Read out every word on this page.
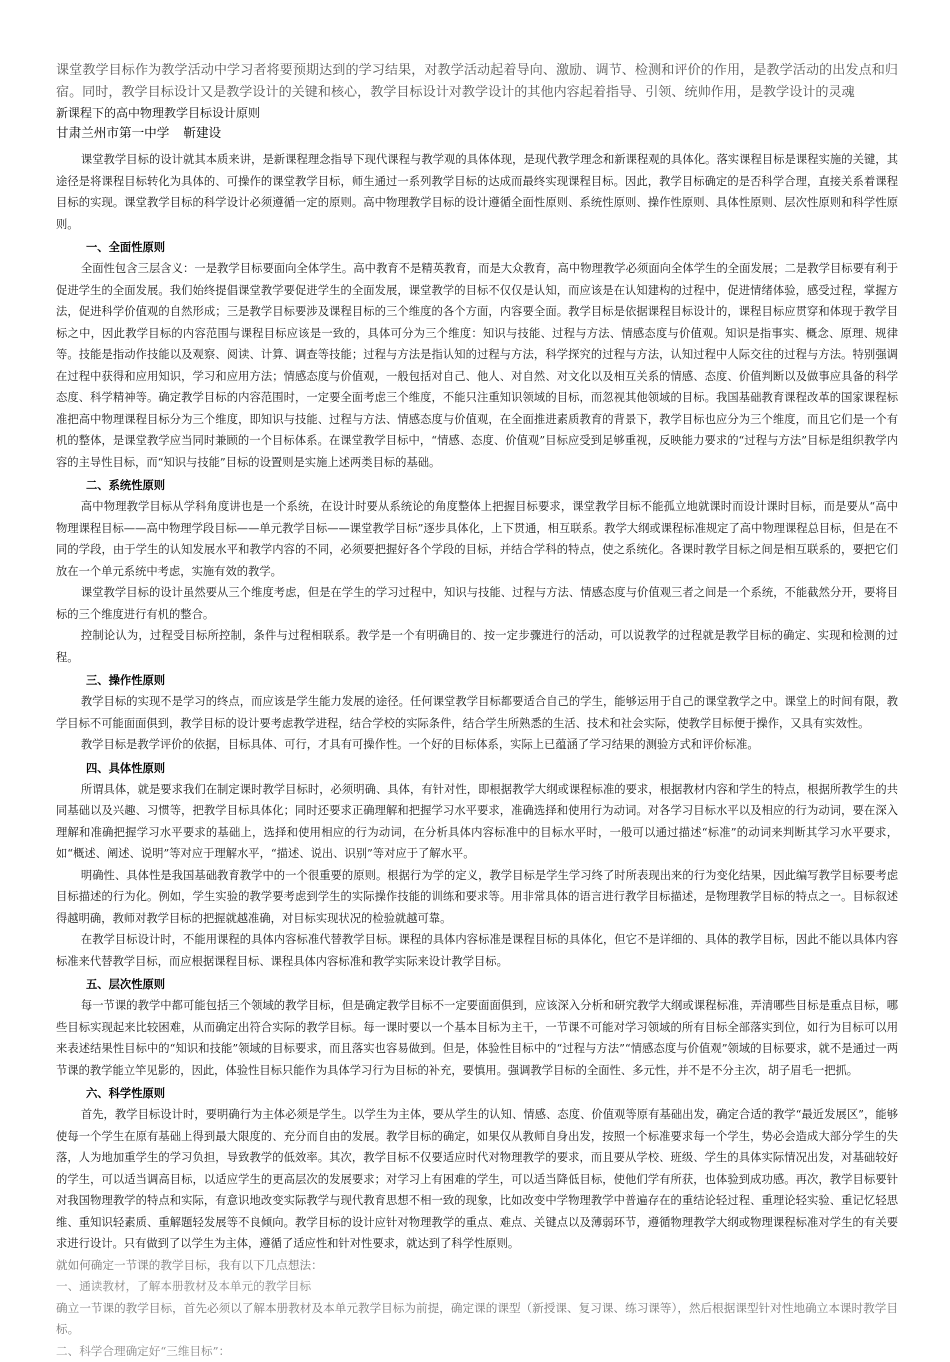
课堂教学目标作为教学活动中学习者将要预期达到的学习结果，对教学活动起着导向、激励、调节、检测和评价的作用，是教学活动的出发点和归宿。同时，教学目标设计又是教学设计的关键和核心，教学目标设计对教学设计的其他内容起着指导、引领、统帅作用，是教学设计的灵魂

新课程下的高中物理教学目标设计原则

甘肃兰州市第一中学 靳建设

课堂教学目标的设计就其本质来讲，是新课程理念指导下现代课程与教学观的具体体现，是现代教学理念和新课程观的具体化。落实课程目标是课程实施的关键，其途径是将课程目标转化为具体的、可操作的课堂教学目标，师生通过一系列教学目标的达成而最终实现课程目标。因此，教学目标确定的是否科学合理，直接关系着课程目标的实现。课堂教学目标的科学设计必须遵循一定的原则。高中物理教学目标的设计遵循全面性原则、系统性原则、操作性原则、具体性原则、层次性原则和科学性原则。

一、全面性原则

全面性包含三层含义：一是教学目标要面向全体学生。高中教育不是精英教育，而是大众教育，高中物理教学必须面向全体学生的全面发展；二是教学目标要有利于促进学生的全面发展。我们始终提倡课堂教学要促进学生的全面发展，课堂教学的目标不仅仅是认知，而应该是在认知建构的过程中，促进情绪体验，感受过程，掌握方法，促进科学价值观的自然形成；三是教学目标要涉及课程目标的三个维度的各个方面，内容要全面。教学目标是依据课程目标设计的，课程目标应贯穿和体现于教学目标之中，因此教学目标的内容范围与课程目标应该是一致的，具体可分为三个维度：知识与技能、过程与方法、情感态度与价值观。知识是指事实、概念、原理、规律等。技能是指动作技能以及观察、阅读、计算、调查等技能；过程与方法是指认知的过程与方法，科学探究的过程与方法，认知过程中人际交往的过程与方法。特别强调在过程中获得和应用知识，学习和应用方法；情感态度与价值观，一般包括对自己、他人、对自然、对文化以及相互关系的情感、态度、价值判断以及做事应具备的科学态度、科学精神等。确定教学目标的内容范围时，一定要全面考虑三个维度，不能只注重知识领域的目标，而忽视其他领域的目标。我国基础教育课程改革的国家课程标准把高中物理课程目标分为三个维度，即知识与技能、过程与方法、情感态度与价值观，在全面推进素质教育的背景下，教学目标也应分为三个维度，而且它们是一个有机的整体，是课堂教学应当同时兼顾的一个目标体系。在课堂教学目标中，“情感、态度、价值观”目标应受到足够重视，反映能力要求的“过程与方法”目标是组织教学内容的主导性目标，而“知识与技能”目标的设置则是实施上述两类目标的基础。

二、系统性原则

高中物理教学目标从学科角度讲也是一个系统，在设计时要从系统论的角度整体上把握目标要求，课堂教学目标不能孤立地就课时而设计课时目标，而是要从“高中物理课程目标——高中物理学段目标——单元教学目标——课堂教学目标”逐步具体化，上下贯通，相互联系。教学大纲或课程标准规定了高中物理课程总目标，但是在不同的学段，由于学生的认知发展水平和教学内容的不同，必须要把握好各个学段的目标，并结合学科的特点，使之系统化。各课时教学目标之间是相互联系的，要把它们放在一个单元系统中考虑，实施有效的教学。

课堂教学目标的设计虽然要从三个维度考虑，但是在学生的学习过程中，知识与技能、过程与方法、情感态度与价值观三者之间是一个系统，不能截然分开，要将目标的三个维度进行有机的整合。

控制论认为，过程受目标所控制，条件与过程相联系。教学是一个有明确目的、按一定步骤进行的活动，可以说教学的过程就是教学目标的确定、实现和检测的过程。

三、操作性原则

教学目标的实现不是学习的终点，而应该是学生能力发展的途径。任何课堂教学目标都要适合自己的学生，能够运用于自己的课堂教学之中。课堂上的时间有限，教学目标不可能面面俱到，教学目标的设计要考虑教学进程，结合学校的实际条件，结合学生所熟悉的生活、技术和社会实际，使教学目标便于操作，又具有实效性。

教学目标是教学评价的依据，目标具体、可行，才具有可操作性。一个好的目标体系，实际上已蕴涵了学习结果的测验方式和评价标准。

四、具体性原则

所谓具体，就是要求我们在制定课时教学目标时，必须明确、具体，有针对性，即根据教学大纲或课程标准的要求，根据教材内容和学生的特点，根据所教学生的共同基础以及兴趣、习惯等，把教学目标具体化；同时还要求正确理解和把握学习水平要求，准确选择和使用行为动词。对各学习目标水平以及相应的行为动词，要在深入理解和准确把握学习水平要求的基础上，选择和使用相应的行为动词，在分析具体内容标准中的目标水平时，一般可以通过描述“标准”的动词来判断其学习水平要求，如“概述、阐述、说明”等对应于理解水平，“描述、说出、识别”等对应于了解水平。

明确性、具体性是我国基础教育教学中的一个很重要的原则。根据行为学的定义，教学目标是学生学习终了时所表现出来的行为变化结果，因此编写教学目标要考虑目标描述的行为化。例如，学生实验的教学要考虑到学生的实际操作技能的训练和要求等。用非常具体的语言进行教学目标描述，是物理教学目标的特点之一。目标叙述得越明确，教师对教学目标的把握就越准确，对目标实现状况的检验就越可靠。

在教学目标设计时，不能用课程的具体内容标准代替教学目标。课程的具体内容标准是课程目标的具体化，但它不是详细的、具体的教学目标，因此不能以具体内容标准来代替教学目标，而应根据课程目标、课程具体内容标准和教学实际来设计教学目标。

五、层次性原则

每一节课的教学中都可能包括三个领域的教学目标，但是确定教学目标不一定要面面俱到，应该深入分析和研究教学大纲或课程标准，弄清哪些目标是重点目标，哪些目标实现起来比较困难，从而确定出符合实际的教学目标。每一课时要以一个基本目标为主干，一节课不可能对学习领域的所有目标全部落实到位，如行为目标可以用来表述结果性目标中的“知识和技能”领域的目标要求，而且落实也容易做到。但是，体验性目标中的“过程与方法”“情感态度与价值观”领域的目标要求，就不是通过一两节课的教学能立竿见影的，因此，体验性目标只能作为具体学习行为目标的补充，要慎用。强调教学目标的全面性、多元性，并不是不分主次，胡子眉毛一把抓。

六、科学性原则

首先，教学目标设计时，要明确行为主体必须是学生。以学生为主体，要从学生的认知、情感、态度、价值观等原有基础出发，确定合适的教学“最近发展区”，能够使每一个学生在原有基础上得到最大限度的、充分而自由的发展。教学目标的确定，如果仅从教师自身出发，按照一个标准要求每一个学生，势必会造成大部分学生的失落，人为地加重学生的学习负担，导致教学的低效率。其次，教学目标不仅要适应时代对物理教学的要求，而且要从学校、班级、学生的具体实际情况出发，对基础较好的学生，可以适当调高目标，以适应学生的更高层次的发展要求；对学习上有困难的学生，可以适当降低目标，使他们学有所获，也体验到成功感。再次，教学目标要针对我国物理教学的特点和实际，有意识地改变实际教学与现代教育思想不相一致的现象，比如改变中学物理教学中普遍存在的重结论轻过程、重理论轻实验、重记忆轻思维、重知识轻素质、重解题轻发展等不良倾向。教学目标的设计应针对物理教学的重点、难点、关键点以及薄弱环节，遵循物理教学大纲或物理课程标准对学生的有关要求进行设计。只有做到了以学生为主体，遵循了适应性和针对性要求，就达到了科学性原则。

就如何确定一节课的教学目标，我有以下几点想法：

一、通读教材，了解本册教材及本单元的教学目标

确立一节课的教学目标，首先必须以了解本册教材及本单元教学目标为前提，确定课的课型（新授课、复习课、练习课等），然后根据课型针对性地确立本课时教学目标。

二、科学合理确定好“三维目标”：
